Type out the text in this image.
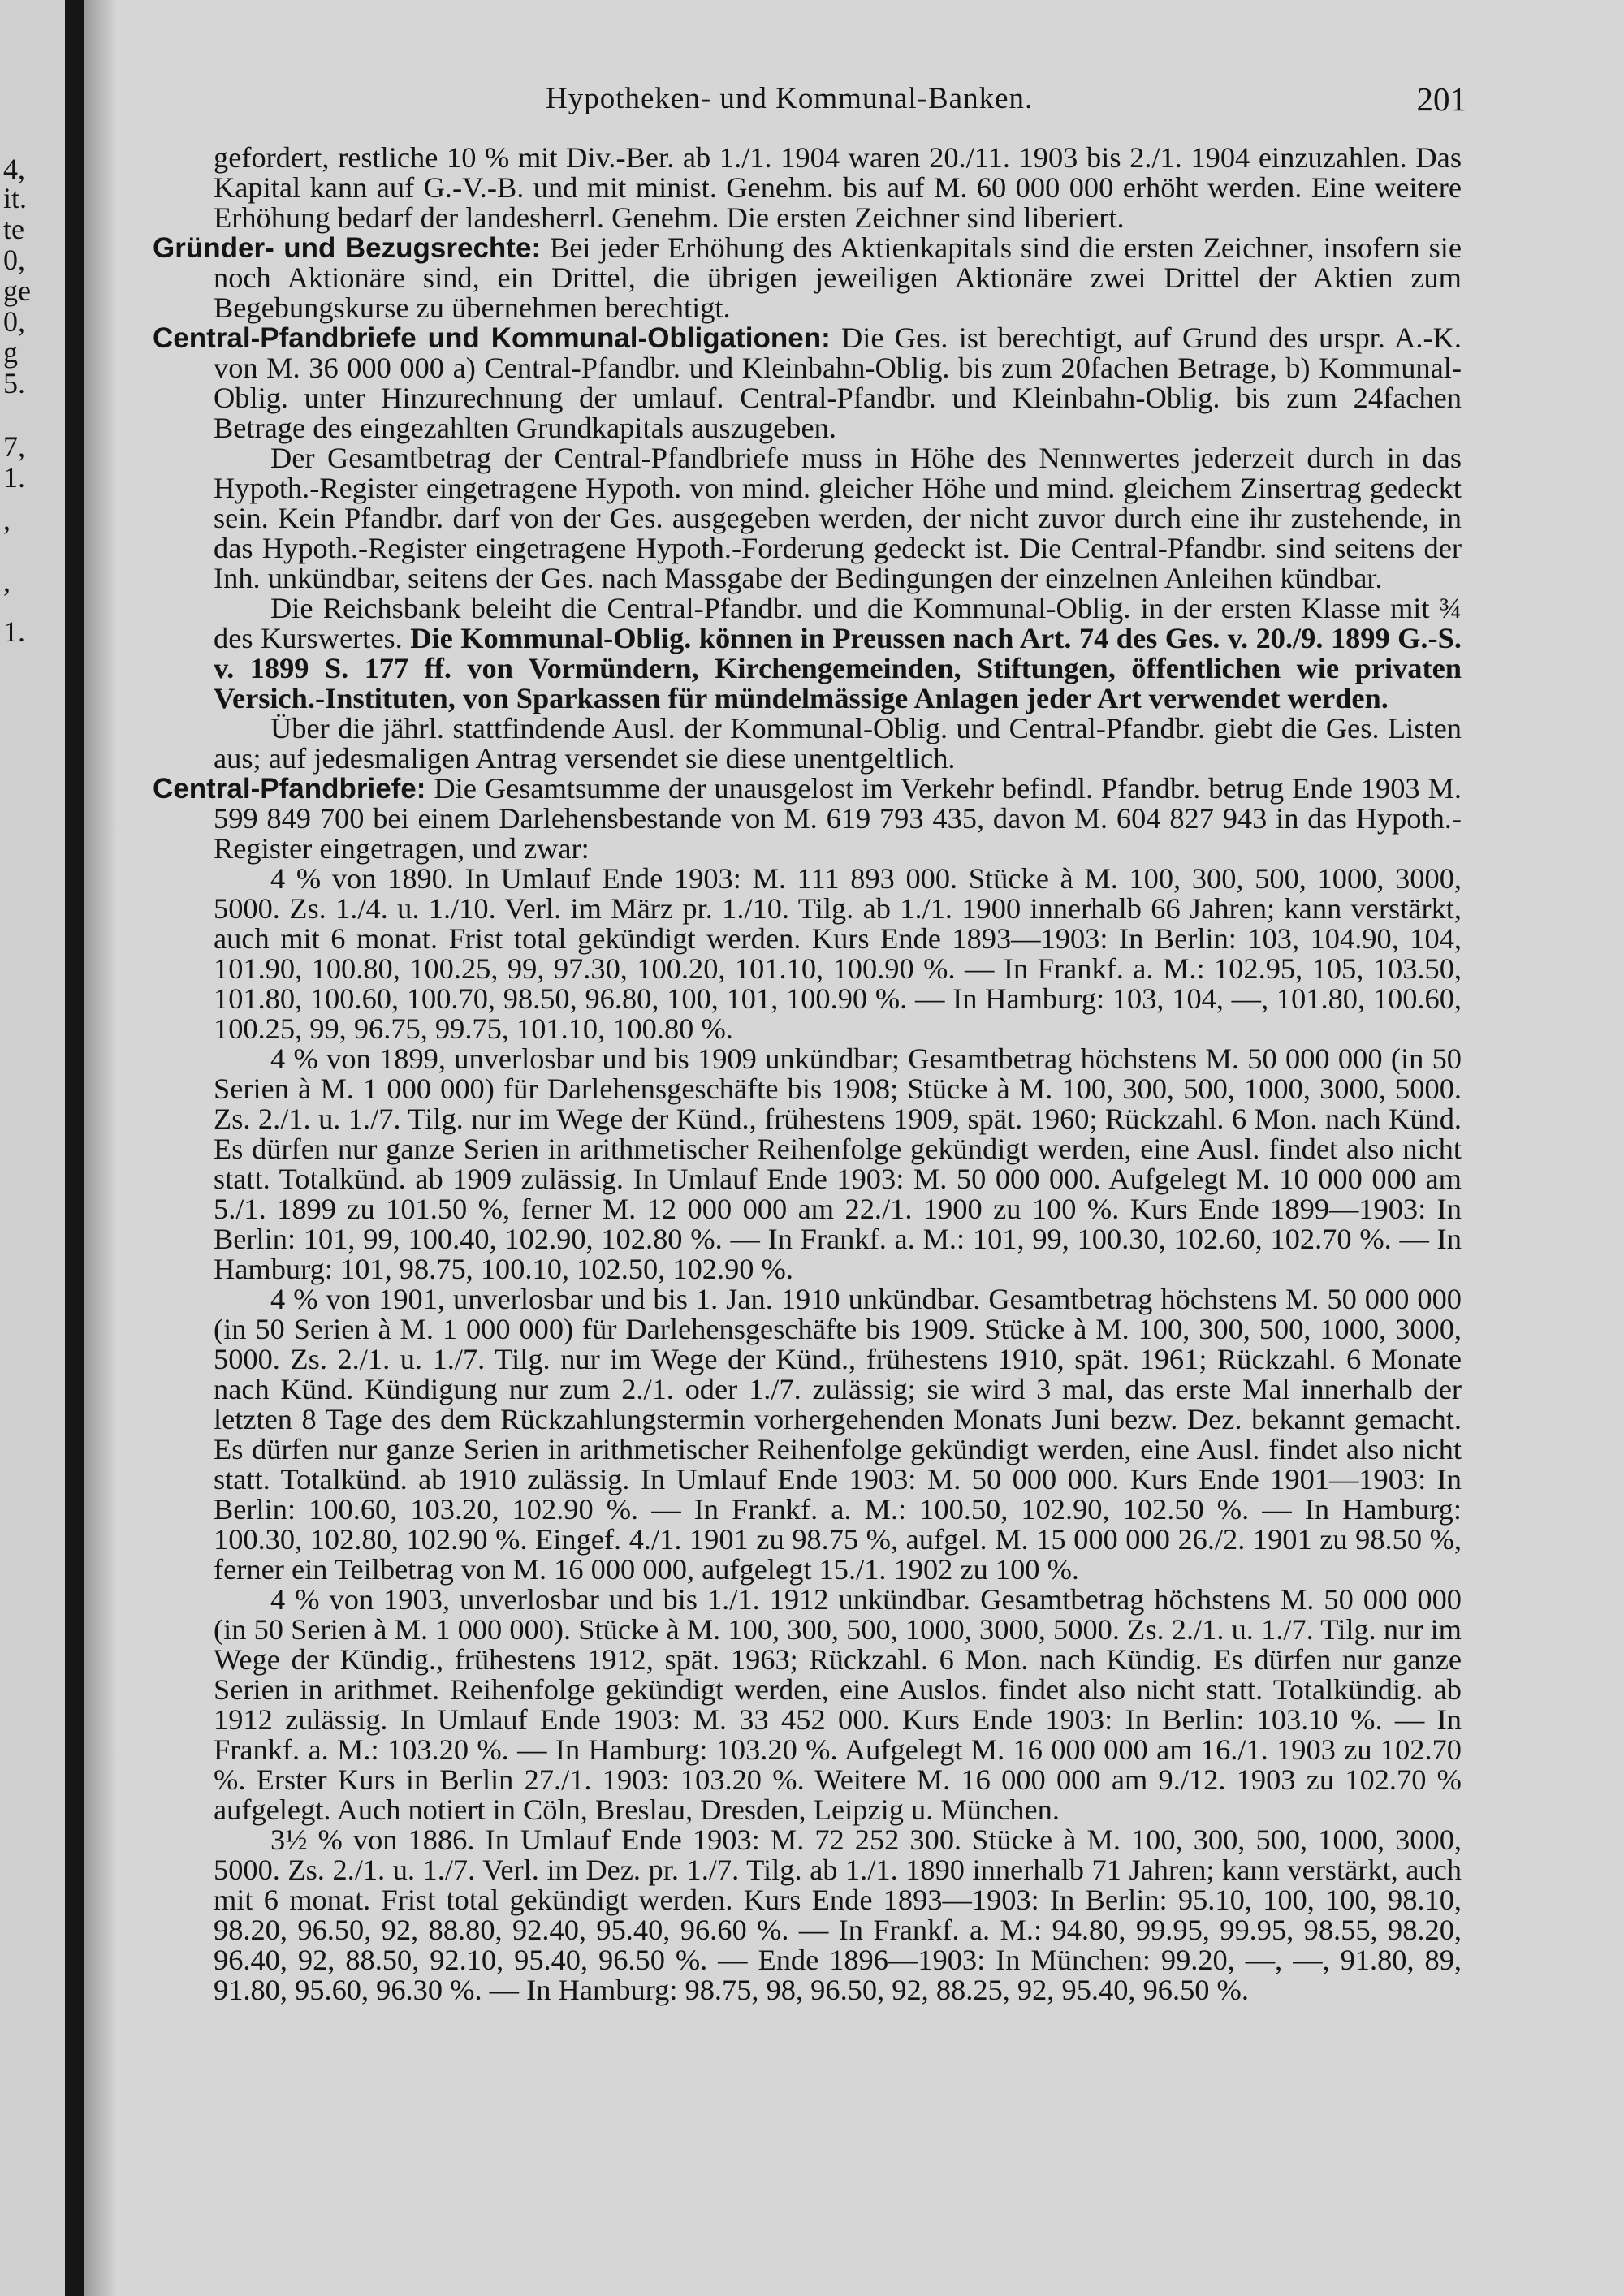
4,
it.
te
0,
ge
0,
g
5.
7,
1.
,
,
1.
Hypotheken- und Kommunal-Banken.	201

gefordert, restliche 10 % mit Div.-Ber. ab 1./1. 1904 waren 20./11. 1903 bis 2./1. 1904 einzuzahlen. Das Kapital kann auf G.-V.-B. und mit minist. Genehm. bis auf M. 60 000 000 erhöht werden. Eine weitere Erhöhung bedarf der landesherrl. Genehm. Die ersten Zeichner sind liberiert.

Gründer- und Bezugsrechte: Bei jeder Erhöhung des Aktienkapitals sind die ersten Zeichner, insofern sie noch Aktionäre sind, ein Drittel, die übrigen jeweiligen Aktionäre zwei Drittel der Aktien zum Begebungskurse zu übernehmen berechtigt.

Central-Pfandbriefe und Kommunal-Obligationen: Die Ges. ist berechtigt, auf Grund des urspr. A.-K. von M. 36 000 000 a) Central-Pfandbr. und Kleinbahn-Oblig. bis zum 20fachen Betrage, b) Kommunal-Oblig. unter Hinzurechnung der umlauf. Central-Pfandbr. und Kleinbahn-Oblig. bis zum 24fachen Betrage des eingezahlten Grundkapitals auszugeben.

Der Gesamtbetrag der Central-Pfandbriefe muss in Höhe des Nennwertes jederzeit durch in das Hypoth.-Register eingetragene Hypoth. von mind. gleicher Höhe und mind. gleichem Zinsertrag gedeckt sein. Kein Pfandbr. darf von der Ges. ausgegeben werden, der nicht zuvor durch eine ihr zustehende, in das Hypoth.-Register eingetragene Hypoth.-Forderung gedeckt ist. Die Central-Pfandbr. sind seitens der Inh. unkündbar, seitens der Ges. nach Massgabe der Bedingungen der einzelnen Anleihen kündbar.

Die Reichsbank beleiht die Central-Pfandbr. und die Kommunal-Oblig. in der ersten Klasse mit ¾ des Kurswertes. Die Kommunal-Oblig. können in Preussen nach Art. 74 des Ges. v. 20./9. 1899 G.-S. v. 1899 S. 177 ff. von Vormündern, Kirchengemeinden, Stiftungen, öffentlichen wie privaten Versich.-Instituten, von Sparkassen für mündelmässige Anlagen jeder Art verwendet werden.

Über die jährl. stattfindende Ausl. der Kommunal-Oblig. und Central-Pfandbr. giebt die Ges. Listen aus; auf jedesmaligen Antrag versendet sie diese unentgeltlich.

Central-Pfandbriefe: Die Gesamtsumme der unausgelost im Verkehr befindl. Pfandbr. betrug Ende 1903 M. 599 849 700 bei einem Darlehensbestande von M. 619 793 435, davon M. 604 827 943 in das Hypoth.-Register eingetragen, und zwar:

4 % von 1890. In Umlauf Ende 1903: M. 111 893 000. Stücke à M. 100, 300, 500, 1000, 3000, 5000. Zs. 1./4. u. 1./10. Verl. im März pr. 1./10. Tilg. ab 1./1. 1900 innerhalb 66 Jahren; kann verstärkt, auch mit 6 monat. Frist total gekündigt werden. Kurs Ende 1893—1903: In Berlin: 103, 104.90, 104, 101.90, 100.80, 100.25, 99, 97.30, 100.20, 101.10, 100.90 %. — In Frankf. a. M.: 102.95, 105, 103.50, 101.80, 100.60, 100.70, 98.50, 96.80, 100, 101, 100.90 %. — In Hamburg: 103, 104, —, 101.80, 100.60, 100.25, 99, 96.75, 99.75, 101.10, 100.80 %.

4 % von 1899, unverlosbar und bis 1909 unkündbar; Gesamtbetrag höchstens M. 50 000 000 (in 50 Serien à M. 1 000 000) für Darlehensgeschäfte bis 1908; Stücke à M. 100, 300, 500, 1000, 3000, 5000. Zs. 2./1. u. 1./7. Tilg. nur im Wege der Künd., frühestens 1909, spät. 1960; Rückzahl. 6 Mon. nach Künd. Es dürfen nur ganze Serien in arithmetischer Reihenfolge gekündigt werden, eine Ausl. findet also nicht statt. Totalkünd. ab 1909 zulässig. In Umlauf Ende 1903: M. 50 000 000. Aufgelegt M. 10 000 000 am 5./1. 1899 zu 101.50 %, ferner M. 12 000 000 am 22./1. 1900 zu 100 %. Kurs Ende 1899—1903: In Berlin: 101, 99, 100.40, 102.90, 102.80 %. — In Frankf. a. M.: 101, 99, 100.30, 102.60, 102.70 %. — In Hamburg: 101, 98.75, 100.10, 102.50, 102.90 %.

4 % von 1901, unverlosbar und bis 1. Jan. 1910 unkündbar. Gesamtbetrag höchstens M. 50 000 000 (in 50 Serien à M. 1 000 000) für Darlehensgeschäfte bis 1909. Stücke à M. 100, 300, 500, 1000, 3000, 5000. Zs. 2./1. u. 1./7. Tilg. nur im Wege der Künd., frühestens 1910, spät. 1961; Rückzahl. 6 Monate nach Künd. Kündigung nur zum 2./1. oder 1./7. zulässig; sie wird 3 mal, das erste Mal innerhalb der letzten 8 Tage des dem Rückzahlungstermin vorhergehenden Monats Juni bezw. Dez. bekannt gemacht. Es dürfen nur ganze Serien in arithmetischer Reihenfolge gekündigt werden, eine Ausl. findet also nicht statt. Totalkünd. ab 1910 zulässig. In Umlauf Ende 1903: M. 50 000 000. Kurs Ende 1901—1903: In Berlin: 100.60, 103.20, 102.90 %. — In Frankf. a. M.: 100.50, 102.90, 102.50 %. — In Hamburg: 100.30, 102.80, 102.90 %. Eingef. 4./1. 1901 zu 98.75 %, aufgel. M. 15 000 000 26./2. 1901 zu 98.50 %, ferner ein Teilbetrag von M. 16 000 000, aufgelegt 15./1. 1902 zu 100 %.

4 % von 1903, unverlosbar und bis 1./1. 1912 unkündbar. Gesamtbetrag höchstens M. 50 000 000 (in 50 Serien à M. 1 000 000). Stücke à M. 100, 300, 500, 1000, 3000, 5000. Zs. 2./1. u. 1./7. Tilg. nur im Wege der Kündig., frühestens 1912, spät. 1963; Rückzahl. 6 Mon. nach Kündig. Es dürfen nur ganze Serien in arithmet. Reihenfolge gekündigt werden, eine Auslos. findet also nicht statt. Totalkündig. ab 1912 zulässig. In Umlauf Ende 1903: M. 33 452 000. Kurs Ende 1903: In Berlin: 103.10 %. — In Frankf. a. M.: 103.20 %. — In Hamburg: 103.20 %. Aufgelegt M. 16 000 000 am 16./1. 1903 zu 102.70 %. Erster Kurs in Berlin 27./1. 1903: 103.20 %. Weitere M. 16 000 000 am 9./12. 1903 zu 102.70 % aufgelegt. Auch notiert in Cöln, Breslau, Dresden, Leipzig u. München.

3½ % von 1886. In Umlauf Ende 1903: M. 72 252 300. Stücke à M. 100, 300, 500, 1000, 3000, 5000. Zs. 2./1. u. 1./7. Verl. im Dez. pr. 1./7. Tilg. ab 1./1. 1890 innerhalb 71 Jahren; kann verstärkt, auch mit 6 monat. Frist total gekündigt werden. Kurs Ende 1893—1903: In Berlin: 95.10, 100, 100, 98.10, 98.20, 96.50, 92, 88.80, 92.40, 95.40, 96.60 %. — In Frankf. a. M.: 94.80, 99.95, 99.95, 98.55, 98.20, 96.40, 92, 88.50, 92.10, 95.40, 96.50 %. — Ende 1896—1903: In München: 99.20, —, —, 91.80, 89, 91.80, 95.60, 96.30 %. — In Hamburg: 98.75, 98, 96.50, 92, 88.25, 92, 95.40, 96.50 %.
